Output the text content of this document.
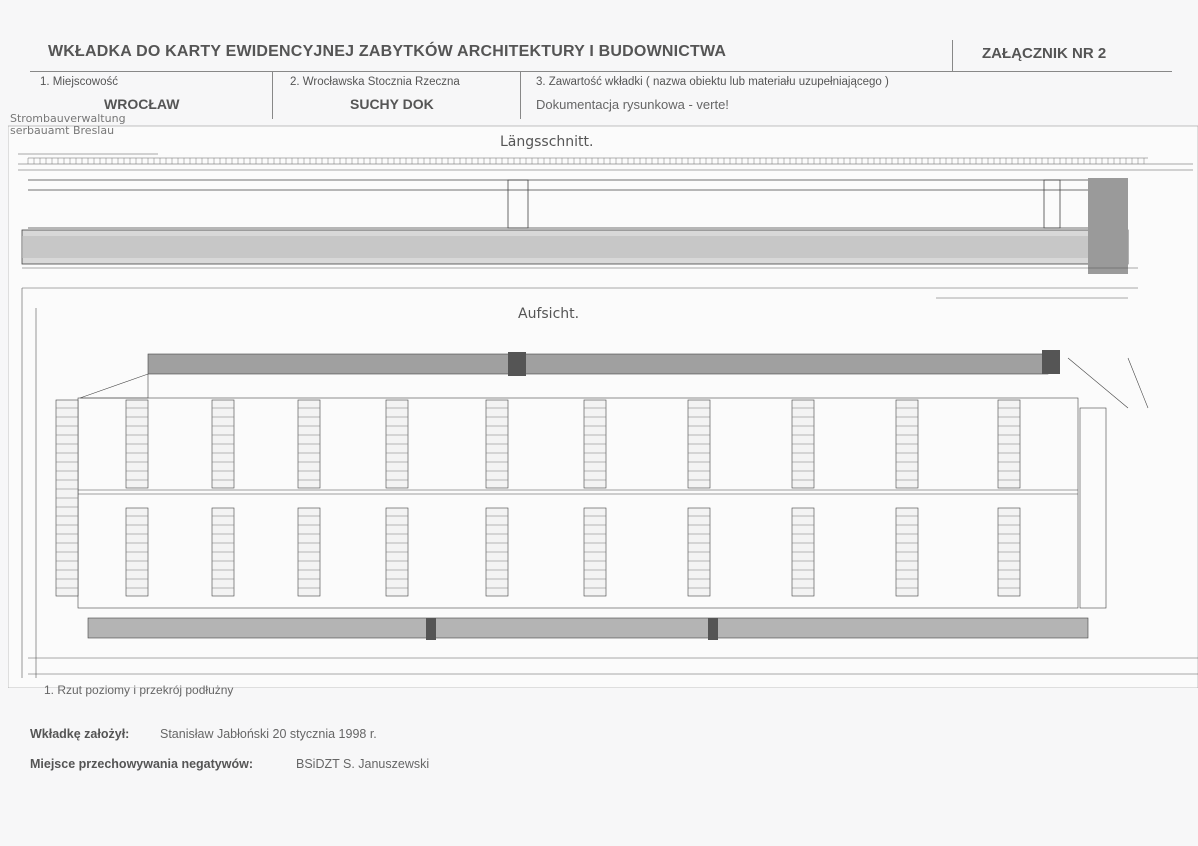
WKŁADKA DO KARTY EWIDENCYJNEJ ZABYTKÓW ARCHITEKTURY I BUDOWNICTWA	ZAŁĄCZNIK NR 2
1. Miejscowość
WROCŁAW
2. Wrocławska Stocznia Rzeczna
SUCHY DOK
3. Zawartość wkładki ( nazwa obiektu lub materiału uzupełniającego )
Dokumentacja rysunkowa - verte!
Strombauverwaltung
serbauamt Breslau
Längsschnitt.
Aufsicht.
1. Rzut poziomy i przekrój podłużny
Wkładkę założył: Stanisław Jabłoński 20 stycznia 1998 r.
Miejsce przechowywania negatywów:	BSiDZT S. Januszewski
